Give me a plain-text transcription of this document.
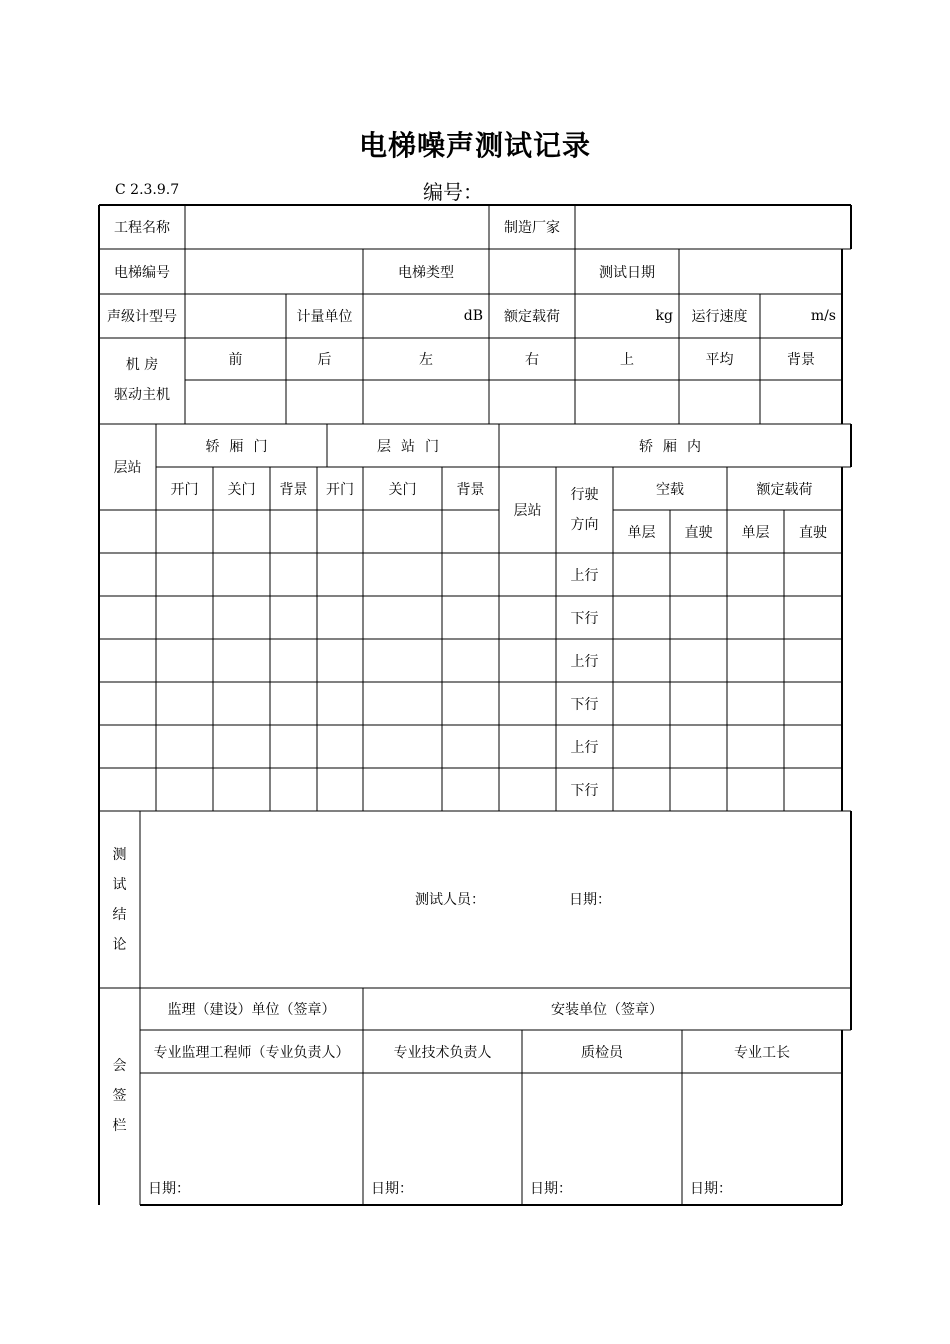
电梯噪声测试记录
C 2.3.9.7	编号：
工程名称	制造厂家
电梯编号	电梯类型	测试日期
声级计型号	计量单位	dB	额定载荷	kg	运行速度	m/s
机 房
驱动主机
前	后	左	右	上	平均	背景
层站
轿厢门	层站门	轿厢内
开门	关门	背景	开门	关门	背景
层站
行驶
方向
空载	额定载荷
单层	直驶	单层	直驶
上行
下行
上行
下行
上行
下行
测
试
结
论
测试人员：	日期：
会
签
栏
监理（建设）单位（签章）	安装单位（签章）
专业监理工程师（专业负责人）	专业技术负责人	质检员	专业工长
日期：	日期：	日期：	日期：
